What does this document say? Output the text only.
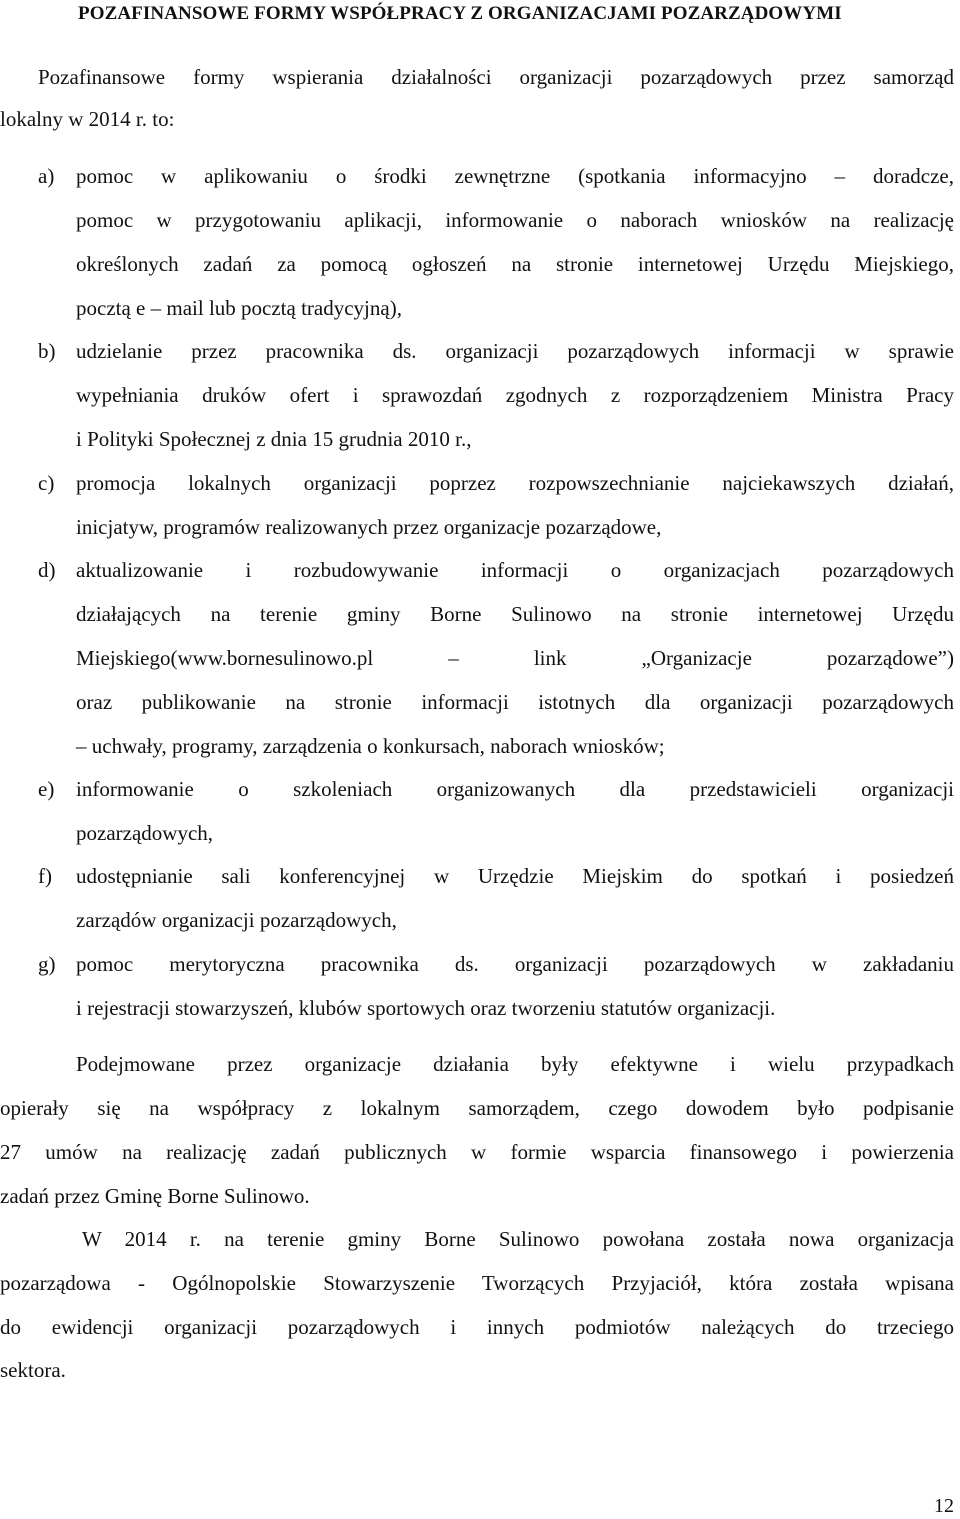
POZAFINANSOWE FORMY WSPÓŁPRACY Z ORGANIZACJAMI POZARZĄDOWYMI
Pozafinansowe formy wspierania działalności organizacji pozarządowych przez samorząd
lokalny w 2014 r. to:
a) pomoc w aplikowaniu o środki zewnętrzne (spotkania informacyjno – doradcze,
pomoc w przygotowaniu aplikacji, informowanie o naborach wniosków na realizację
określonych zadań za pomocą ogłoszeń na stronie internetowej Urzędu Miejskiego,
pocztą e – mail lub pocztą tradycyjną),
b) udzielanie przez pracownika ds. organizacji pozarządowych informacji w sprawie
wypełniania druków ofert i sprawozdań zgodnych z rozporządzeniem Ministra Pracy
i Polityki Społecznej z dnia 15 grudnia 2010 r.,
c) promocja lokalnych organizacji poprzez rozpowszechnianie najciekawszych działań,
inicjatyw, programów realizowanych przez organizacje pozarządowe,
d) aktualizowanie i rozbudowywanie informacji o organizacjach pozarządowych
działających na terenie gminy Borne Sulinowo na stronie internetowej Urzędu
Miejskiego(www.bornesulinowo.pl – link „Organizacje pozarządowe”)
oraz publikowanie na stronie informacji istotnych dla organizacji pozarządowych
– uchwały, programy, zarządzenia o konkursach, naborach wniosków;
e) informowanie o szkoleniach organizowanych dla przedstawicieli organizacji
pozarządowych,
f) udostępnianie sali konferencyjnej w Urzędzie Miejskim do spotkań i posiedzeń
zarządów organizacji pozarządowych,
g) pomoc merytoryczna pracownika ds. organizacji pozarządowych w zakładaniu
i rejestracji stowarzyszeń, klubów sportowych oraz tworzeniu statutów organizacji.
Podejmowane przez organizacje działania były efektywne i wielu przypadkach
opierały się na współpracy z lokalnym samorządem, czego dowodem było podpisanie
27 umów na realizację zadań publicznych w formie wsparcia finansowego i powierzenia
zadań przez Gminę Borne Sulinowo.
W 2014 r. na terenie gminy Borne Sulinowo powołana została nowa organizacja
pozarządowa - Ogólnopolskie Stowarzyszenie Tworzących Przyjaciół, która została wpisana
do ewidencji organizacji pozarządowych i innych podmiotów należących do trzeciego
sektora.
12
